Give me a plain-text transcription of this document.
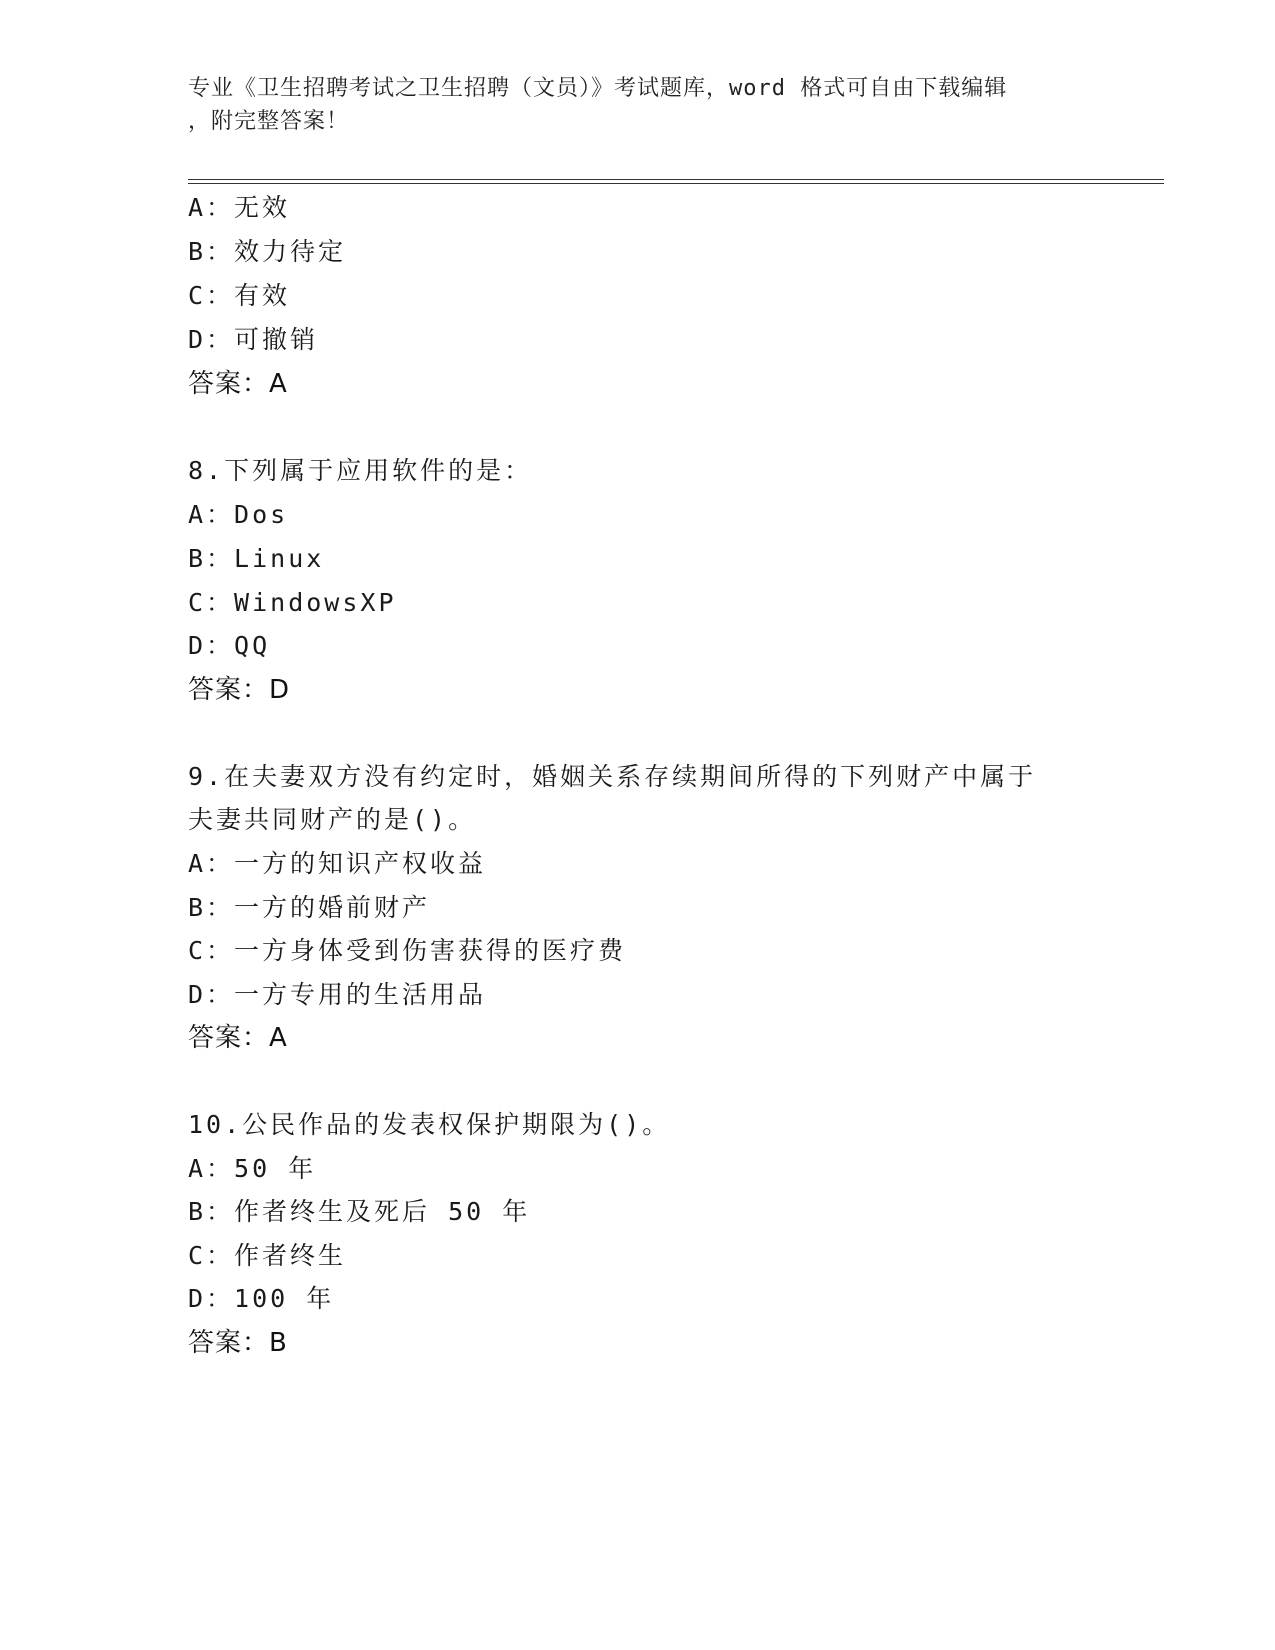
专业《卫生招聘考试之卫生招聘（文员）》考试题库，word 格式可自由下载编辑
，附完整答案！
A：无效
B：效力待定
C：有效
D：可撤销
答案：A
8.下列属于应用软件的是：
A：Dos
B：Linux
C：WindowsXP
D：QQ
答案：D
9.在夫妻双方没有约定时，婚姻关系存续期间所得的下列财产中属于
夫妻共同财产的是()。
A：一方的知识产权收益
B：一方的婚前财产
C：一方身体受到伤害获得的医疗费
D：一方专用的生活用品
答案：A
10.公民作品的发表权保护期限为()。
A：50 年
B：作者终生及死后 50 年
C：作者终生
D：100 年
答案：B
